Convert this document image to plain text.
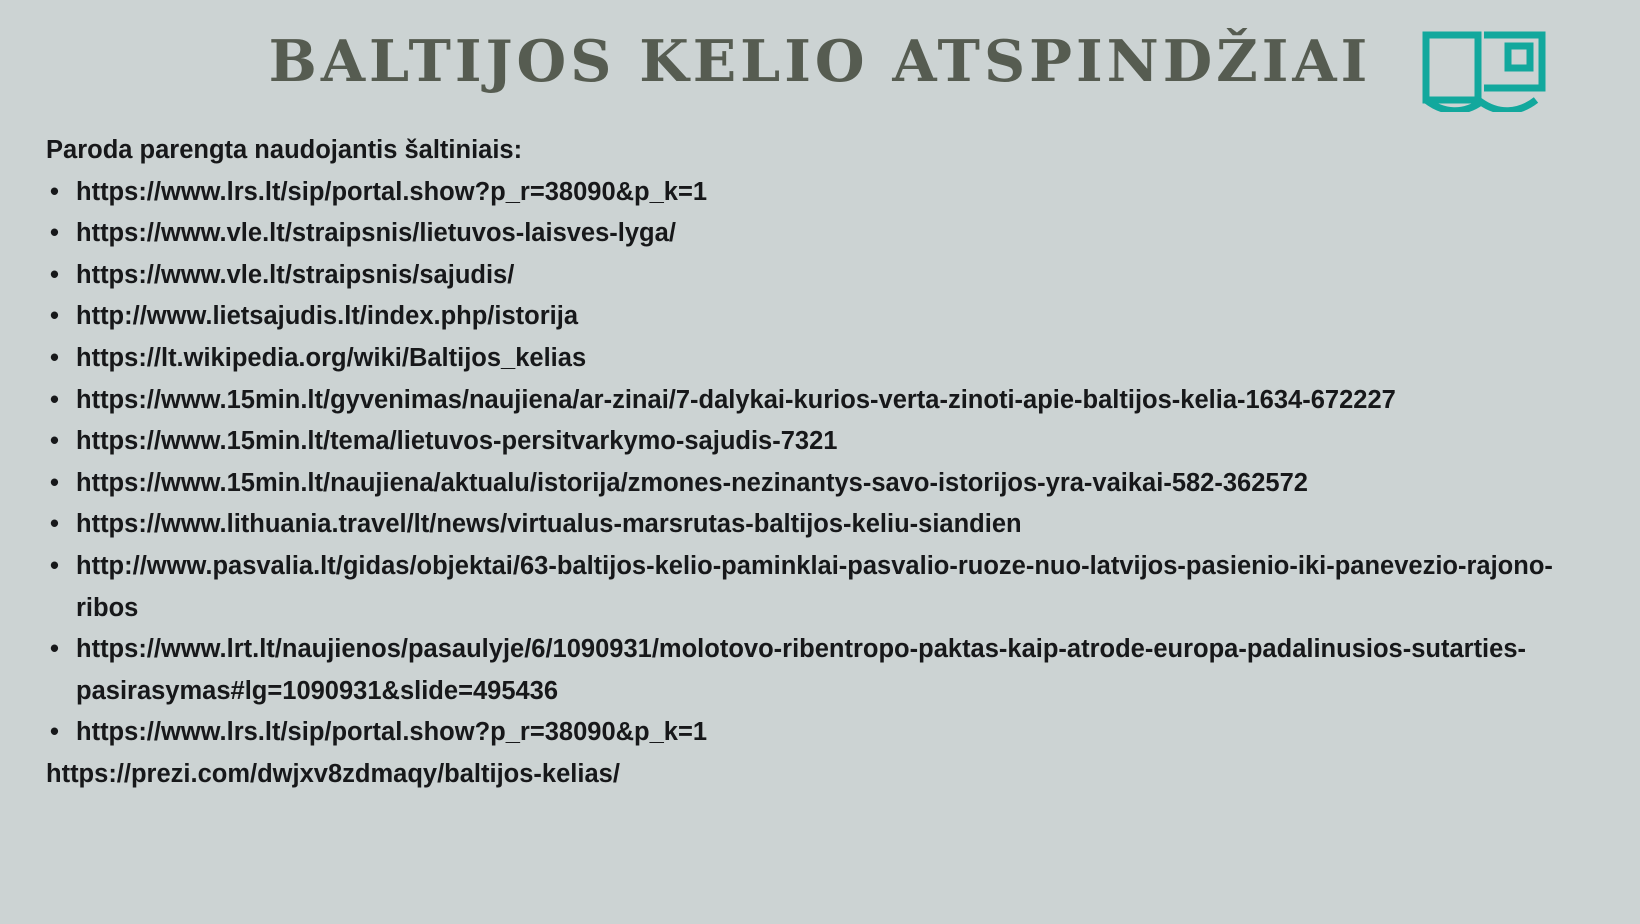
BALTIJOS KELIO ATSPINDŽIAI

Paroda parengta naudojantis šaltiniais:

• https://www.lrs.lt/sip/portal.show?p_r=38090&p_k=1
• https://www.vle.lt/straipsnis/lietuvos-laisves-lyga/
• https://www.vle.lt/straipsnis/sajudis/
• http://www.lietsajudis.lt/index.php/istorija
• https://lt.wikipedia.org/wiki/Baltijos_kelias
• https://www.15min.lt/gyvenimas/naujiena/ar-zinai/7-dalykai-kurios-verta-zinoti-apie-baltijos-kelia-1634-672227
• https://www.15min.lt/tema/lietuvos-persitvarkymo-sajudis-7321
• https://www.15min.lt/naujiena/aktualu/istorija/zmones-nezinantys-savo-istorijos-yra-vaikai-582-362572
• https://www.lithuania.travel/lt/news/virtualus-marsrutas-baltijos-keliu-siandien
• http://www.pasvalia.lt/gidas/objektai/63-baltijos-kelio-paminklai-pasvalio-ruoze-nuo-latvijos-pasienio-iki-panevezio-rajono-ribos
• https://www.lrt.lt/naujienos/pasaulyje/6/1090931/molotovo-ribentropo-paktas-kaip-atrode-europa-padalinusios-sutarties-pasirasymas#lg=1090931&slide=495436
• https://www.lrs.lt/sip/portal.show?p_r=38090&p_k=1

https://prezi.com/dwjxv8zdmaqy/baltijos-kelias/
